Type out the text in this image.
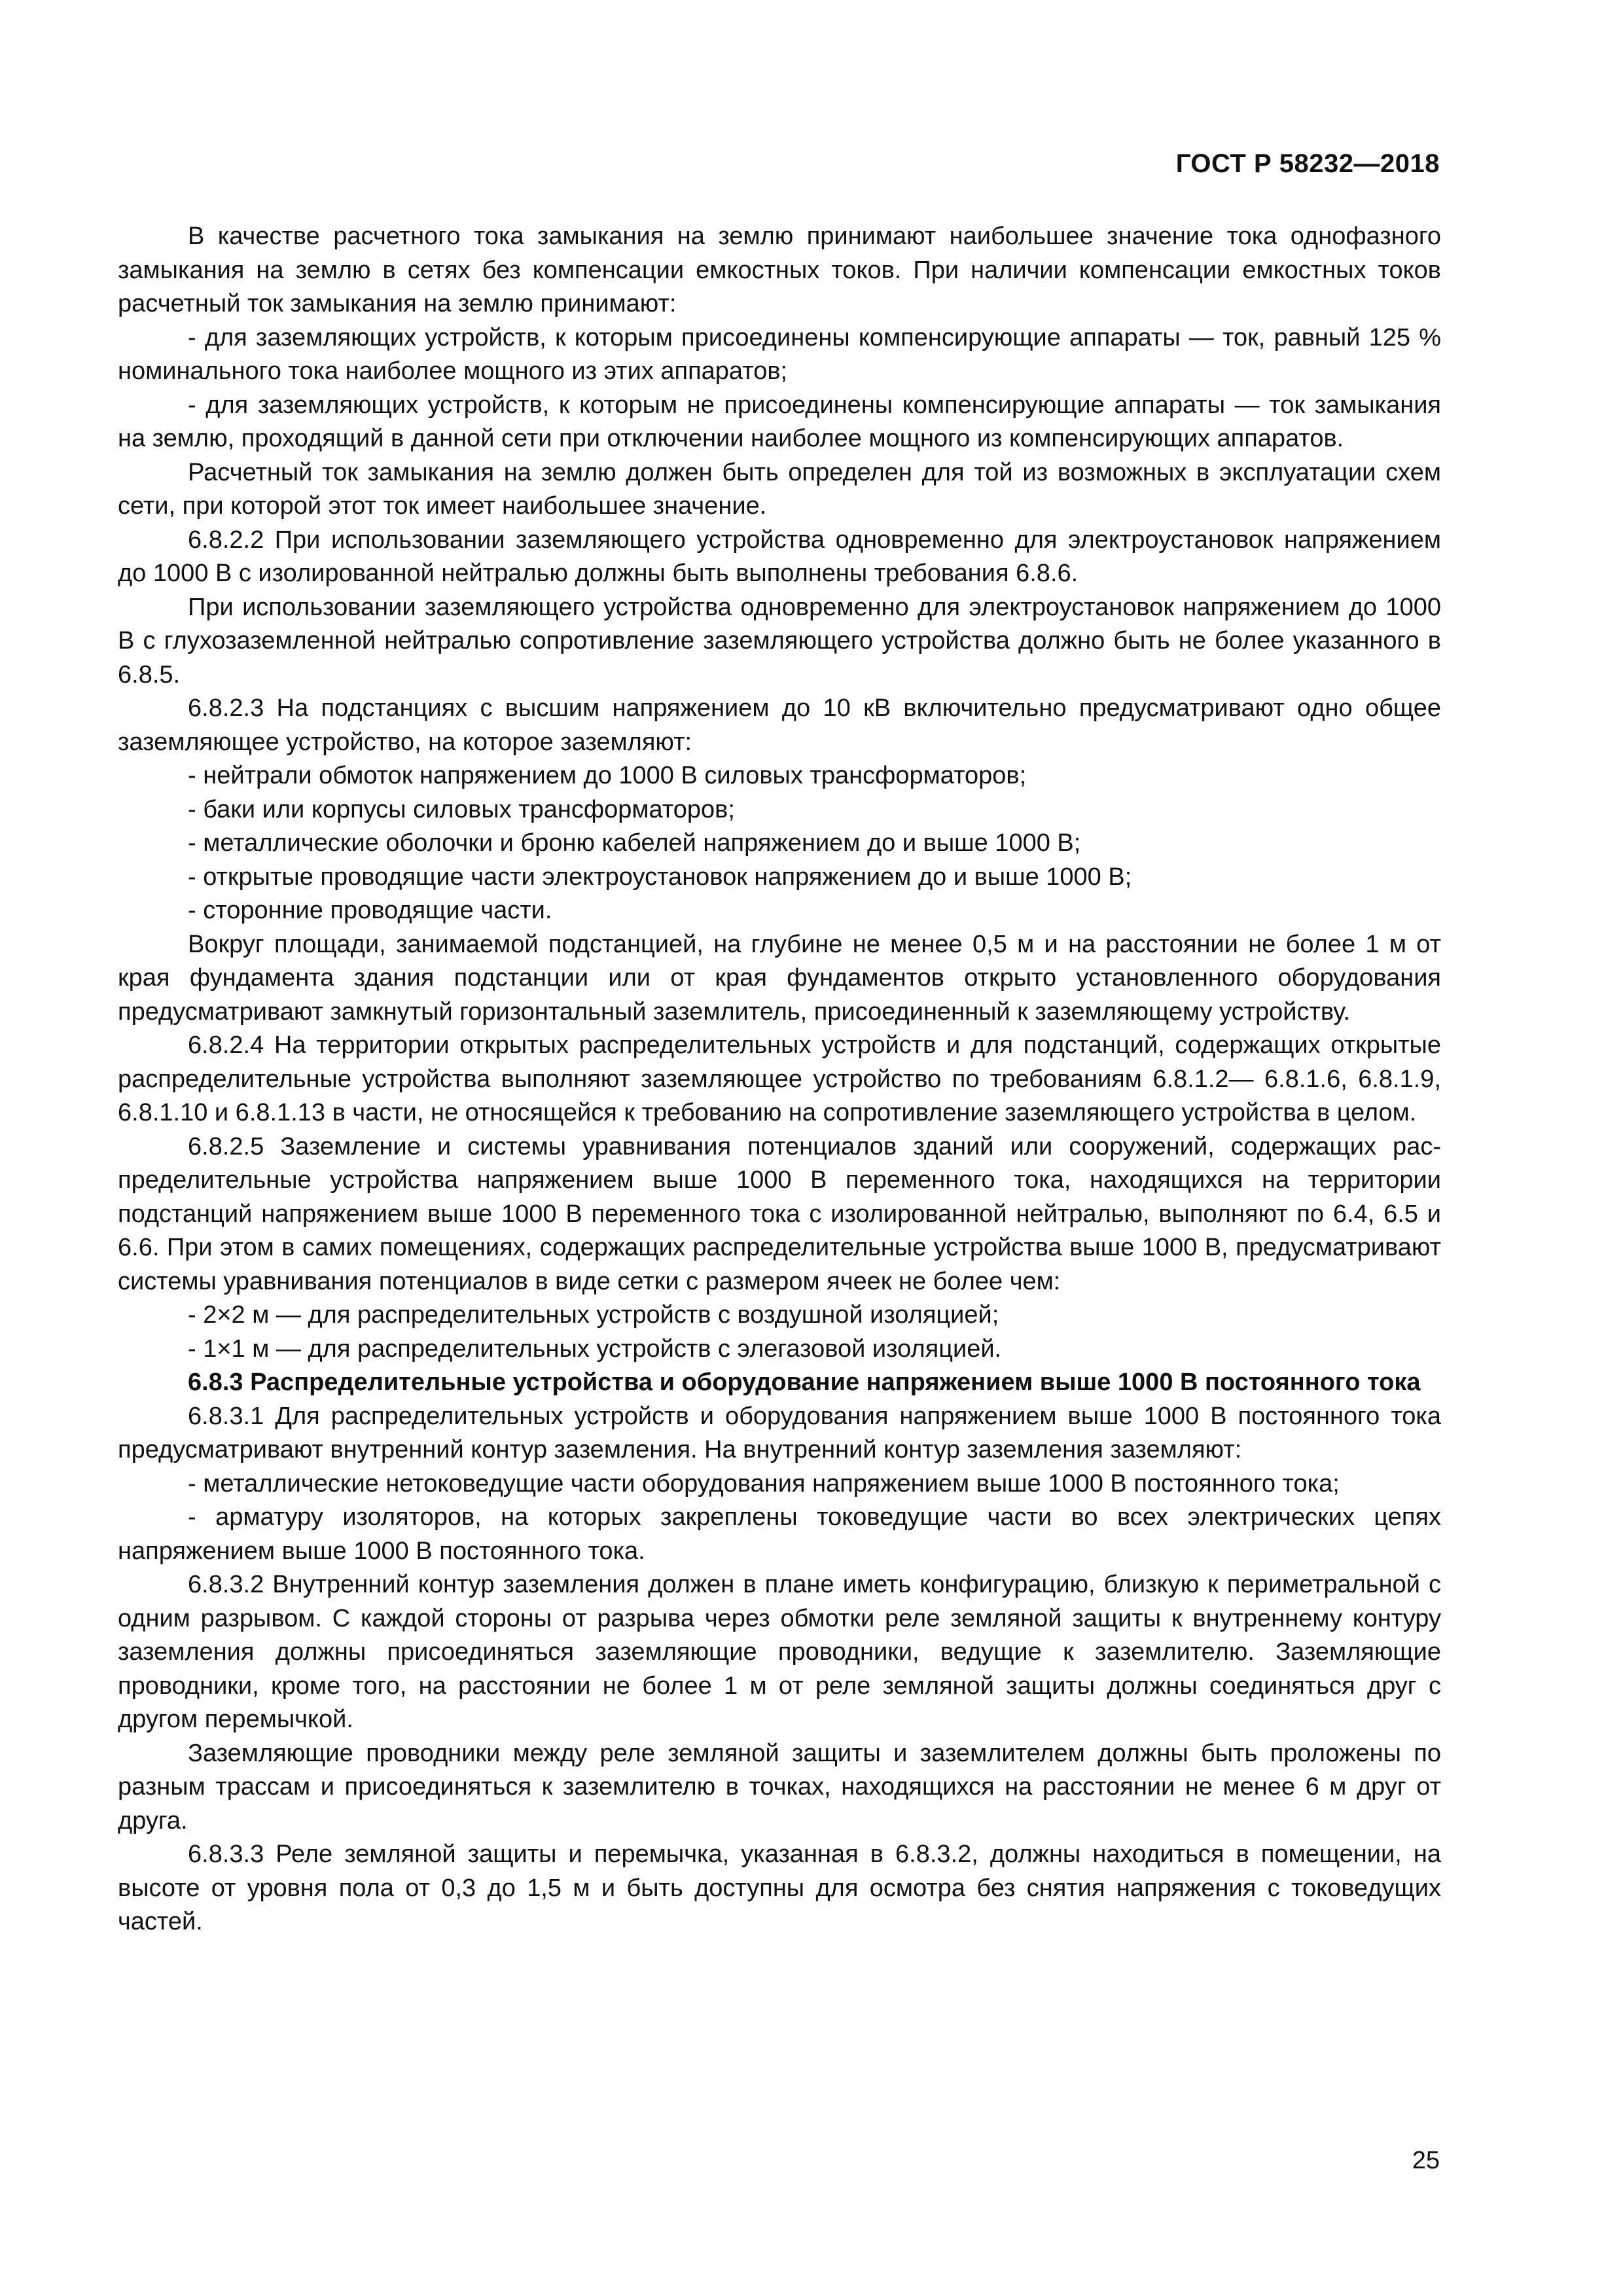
ГОСТ Р 58232—2018

В качестве расчетного тока замыкания на землю принимают наибольшее значение тока однофазного замыкания на землю в сетях без компенсации емкостных токов. При наличии компенсации емкостных токов расчетный ток замыкания на землю принимают:

- для заземляющих устройств, к которым присоединены компенсирующие аппараты — ток, равный 125 % номинального тока наиболее мощного из этих аппаратов;

- для заземляющих устройств, к которым не присоединены компенсирующие аппараты — ток замыкания на землю, проходящий в данной сети при отключении наиболее мощного из компенсирующих аппаратов.

Расчетный ток замыкания на землю должен быть определен для той из возможных в эксплуатации схем сети, при которой этот ток имеет наибольшее значение.

6.8.2.2 При использовании заземляющего устройства одновременно для электроустановок напряжением до 1000 В с изолированной нейтралью должны быть выполнены требования 6.8.6.

При использовании заземляющего устройства одновременно для электроустановок напряжением до 1000 В с глухозаземленной нейтралью сопротивление заземляющего устройства должно быть не более указанного в 6.8.5.

6.8.2.3 На подстанциях с высшим напряжением до 10 кВ включительно предусматривают одно общее заземляющее устройство, на которое заземляют:

- нейтрали обмоток напряжением до 1000 В силовых трансформаторов;

- баки или корпусы силовых трансформаторов;

- металлические оболочки и броню кабелей напряжением до и выше 1000 В;

- открытые проводящие части электроустановок напряжением до и выше 1000 В;

- сторонние проводящие части.

Вокруг площади, занимаемой подстанцией, на глубине не менее 0,5 м и на расстоянии не более 1 м от края фундамента здания подстанции или от края фундаментов открыто установленного оборудования предусматривают замкнутый горизонтальный заземлитель, присоединенный к заземляющему устройству.

6.8.2.4 На территории открытых распределительных устройств и для подстанций, содержащих открытые распределительные устройства выполняют заземляющее устройство по требованиям 6.8.1.2— 6.8.1.6, 6.8.1.9, 6.8.1.10 и 6.8.1.13 в части, не относящейся к требованию на сопротивление заземляющего устройства в целом.

6.8.2.5 Заземление и системы уравнивания потенциалов зданий или сооружений, содержащих распределительные устройства напряжением выше 1000 В переменного тока, находящихся на территории подстанций напряжением выше 1000 В переменного тока с изолированной нейтралью, выполняют по 6.4, 6.5 и 6.6. При этом в самих помещениях, содержащих распределительные устройства выше 1000 В, предусматривают системы уравнивания потенциалов в виде сетки с размером ячеек не более чем:

- 2×2 м — для распределительных устройств с воздушной изоляцией;

- 1×1 м — для распределительных устройств с элегазовой изоляцией.

6.8.3 Распределительные устройства и оборудование напряжением выше 1000 В постоянного тока

6.8.3.1 Для распределительных устройств и оборудования напряжением выше 1000 В постоянного тока предусматривают внутренний контур заземления. На внутренний контур заземления заземляют:

- металлические нетоковедущие части оборудования напряжением выше 1000 В постоянного тока;

- арматуру изоляторов, на которых закреплены токоведущие части во всех электрических цепях напряжением выше 1000 В постоянного тока.

6.8.3.2 Внутренний контур заземления должен в плане иметь конфигурацию, близкую к периметральной с одним разрывом. С каждой стороны от разрыва через обмотки реле земляной защиты к внутреннему контуру заземления должны присоединяться заземляющие проводники, ведущие к заземлителю. Заземляющие проводники, кроме того, на расстоянии не более 1 м от реле земляной защиты должны соединяться друг с другом перемычкой.

Заземляющие проводники между реле земляной защиты и заземлителем должны быть проложены по разным трассам и присоединяться к заземлителю в точках, находящихся на расстоянии не менее 6 м друг от друга.

6.8.3.3 Реле земляной защиты и перемычка, указанная в 6.8.3.2, должны находиться в помещении, на высоте от уровня пола от 0,3 до 1,5 м и быть доступны для осмотра без снятия напряжения с токоведущих частей.

25
